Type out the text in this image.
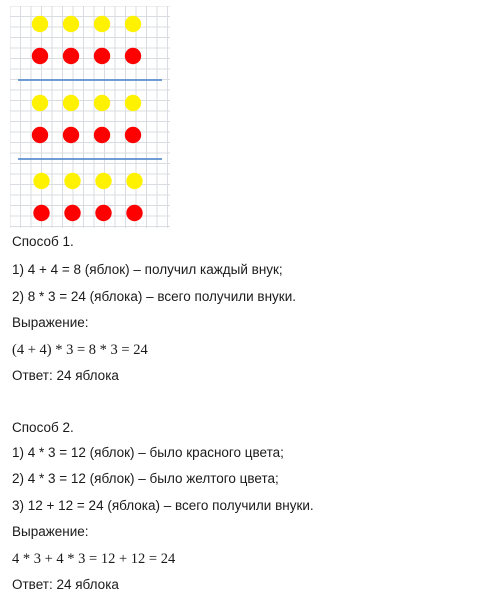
Способ 1.

1) 4 + 4 = 8 (яблок) – получил каждый внук;

2) 8 * 3 = 24 (яблока) – всего получили внуки.

Выражение:

(4 + 4) * 3 = 8 * 3 = 24

Ответ: 24 яблока

Способ 2.

1) 4 * 3 = 12 (яблок) – было красного цвета;

2) 4 * 3 = 12 (яблок) – было желтого цвета;

3) 12 + 12 = 24 (яблока) – всего получили внуки.

Выражение:

4 * 3 + 4 * 3 = 12 + 12 = 24

Ответ: 24 яблока
